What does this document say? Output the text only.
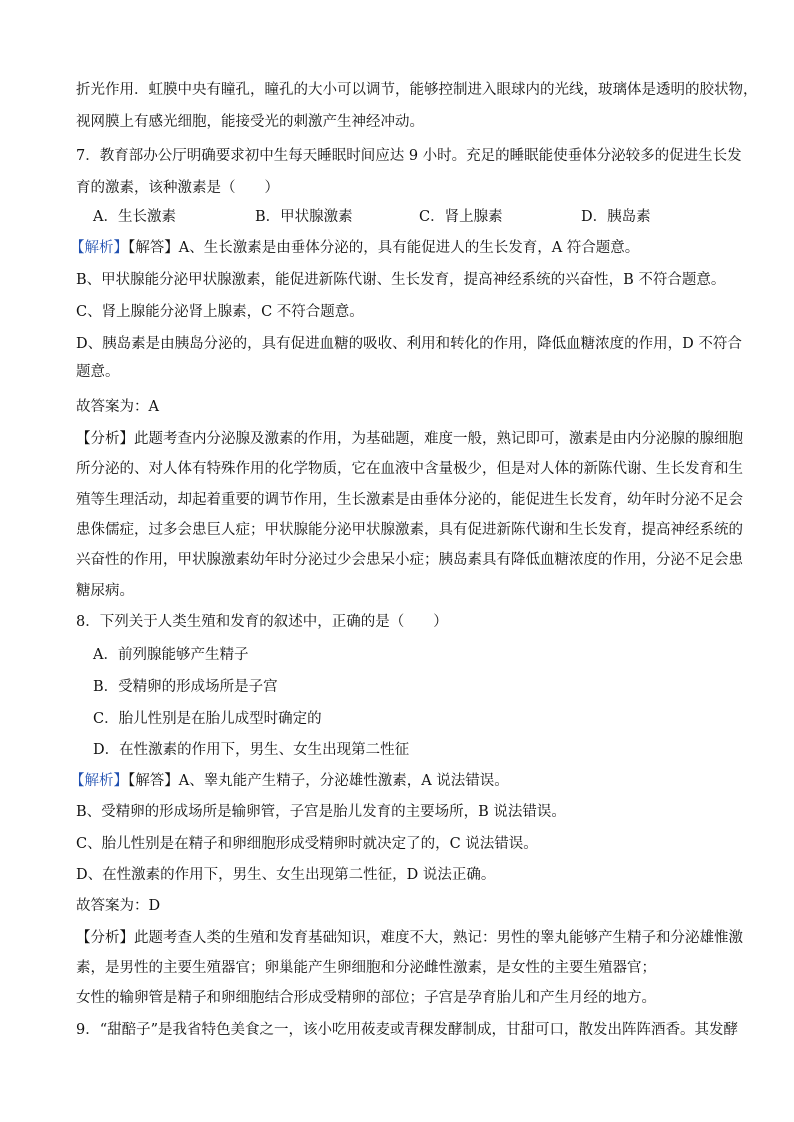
折光作用．虹膜中央有瞳孔，瞳孔的大小可以调节，能够控制进入眼球内的光线，玻璃体是透明的胶状物，
视网膜上有感光细胞，能接受光的刺激产生神经冲动。
7．教育部办公厅明确要求初中生每天睡眠时间应达 9 小时。充足的睡眠能使垂体分泌较多的促进生长发
育的激素，该种激素是（　　）
A．生长激素	B．甲状腺激素	C．肾上腺素	D．胰岛素
【解析】【解答】A、生长激素是由垂体分泌的，具有能促进人的生长发育，A 符合题意。
B、甲状腺能分泌甲状腺激素，能促进新陈代谢、生长发育，提高神经系统的兴奋性，B 不符合题意。
C、肾上腺能分泌肾上腺素，C 不符合题意。
D、胰岛素是由胰岛分泌的，具有促进血糖的吸收、利用和转化的作用，降低血糖浓度的作用，D 不符合
题意。
故答案为：A
【分析】此题考查内分泌腺及激素的作用，为基础题，难度一般，熟记即可，激素是由内分泌腺的腺细胞
所分泌的、对人体有特殊作用的化学物质，它在血液中含量极少，但是对人体的新陈代谢、生长发育和生
殖等生理活动，却起着重要的调节作用，生长激素是由垂体分泌的，能促进生长发育，幼年时分泌不足会
患侏儒症，过多会患巨人症；甲状腺能分泌甲状腺激素，具有促进新陈代谢和生长发育，提高神经系统的
兴奋性的作用，甲状腺激素幼年时分泌过少会患呆小症；胰岛素具有降低血糖浓度的作用，分泌不足会患
糖尿病。
8．下列关于人类生殖和发育的叙述中，正确的是（　　）
A．前列腺能够产生精子
B．受精卵的形成场所是子宫
C．胎儿性别是在胎儿成型时确定的
D．在性激素的作用下，男生、女生出现第二性征
【解析】【解答】A、睾丸能产生精子，分泌雄性激素，A 说法错误。
B、受精卵的形成场所是输卵管，子宫是胎儿发育的主要场所，B 说法错误。
C、胎儿性别是在精子和卵细胞形成受精卵时就决定了的，C 说法错误。
D、在性激素的作用下，男生、女生出现第二性征，D 说法正确。
故答案为：D
【分析】此题考查人类的生殖和发育基础知识，难度不大，熟记：男性的睾丸能够产生精子和分泌雄惟激
素，是男性的主要生殖器官；卵巢能产生卵细胞和分泌雌性激素，是女性的主要生殖器官；
女性的输卵管是精子和卵细胞结合形成受精卵的部位；子宫是孕育胎儿和产生月经的地方。
9．“甜醅子”是我省特色美食之一，该小吃用莜麦或青稞发酵制成，甘甜可口，散发出阵阵酒香。其发酵
